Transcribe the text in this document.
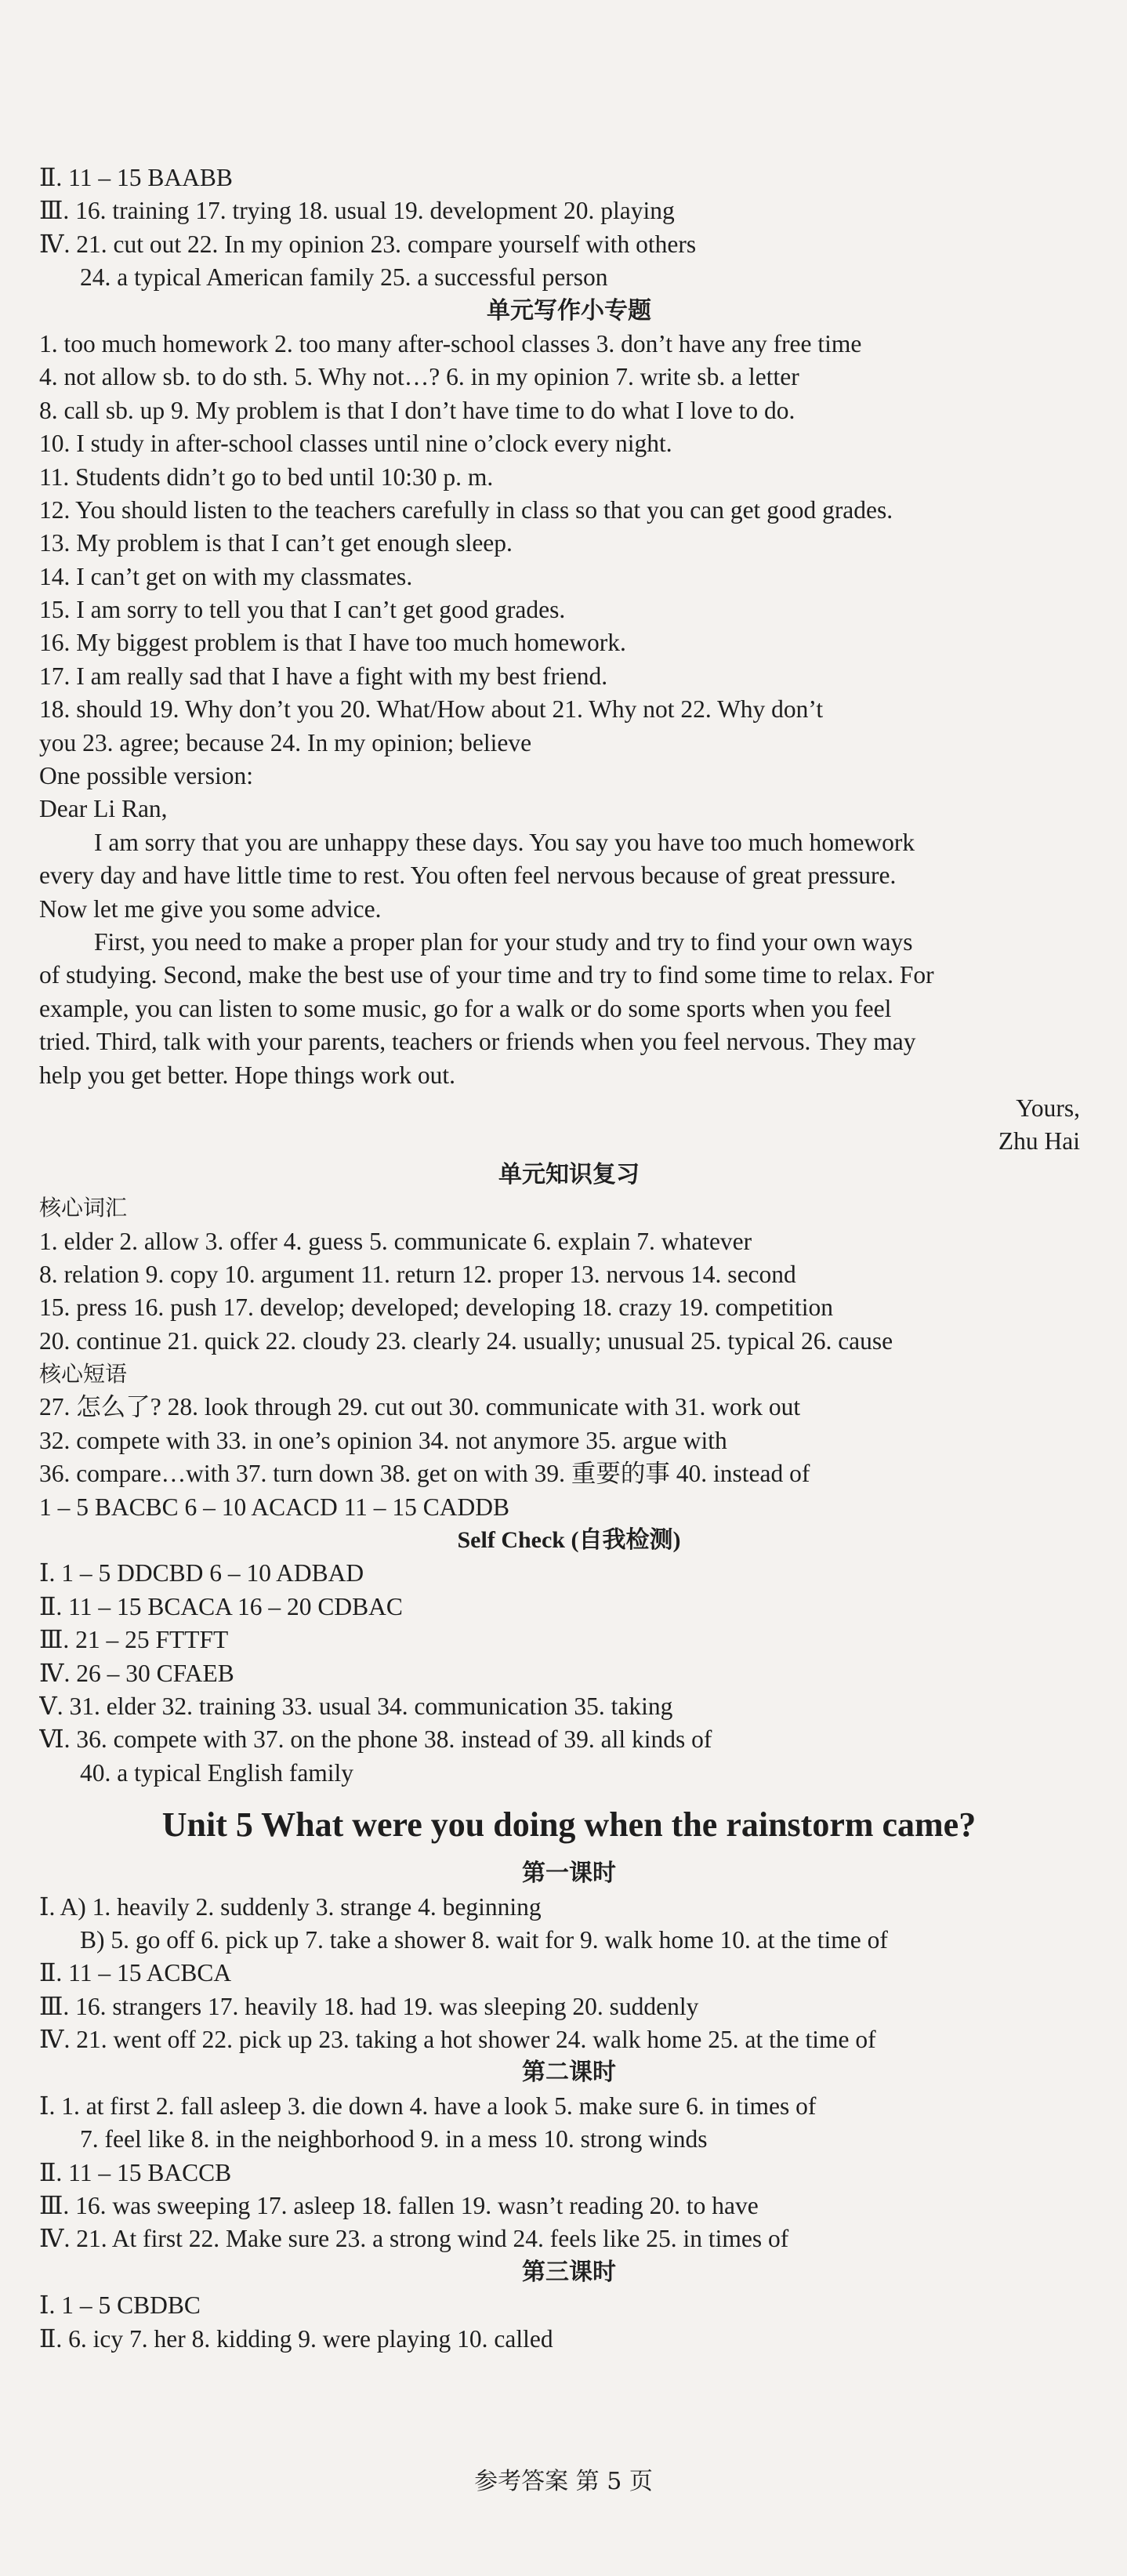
Ⅱ. 11 – 15 BAABB
Ⅲ. 16. training 17. trying 18. usual 19. development 20. playing
Ⅳ. 21. cut out 22. In my opinion 23. compare yourself with others
24. a typical American family 25. a successful person
单元写作小专题
1. too much homework 2. too many after-school classes 3. don’t have any free time
4. not allow sb. to do sth. 5. Why not…? 6. in my opinion 7. write sb. a letter
8. call sb. up 9. My problem is that I don’t have time to do what I love to do.
10. I study in after-school classes until nine o’clock every night.
11. Students didn’t go to bed until 10:30 p. m.
12. You should listen to the teachers carefully in class so that you can get good grades.
13. My problem is that I can’t get enough sleep.
14. I can’t get on with my classmates.
15. I am sorry to tell you that I can’t get good grades.
16. My biggest problem is that I have too much homework.
17. I am really sad that I have a fight with my best friend.
18. should 19. Why don’t you 20. What/How about 21. Why not 22. Why don’t
you 23. agree; because 24. In my opinion; believe
One possible version:
Dear Li Ran,
I am sorry that you are unhappy these days. You say you have too much homework
every day and have little time to rest. You often feel nervous because of great pressure.
Now let me give you some advice.
First, you need to make a proper plan for your study and try to find your own ways
of studying. Second, make the best use of your time and try to find some time to relax. For
example, you can listen to some music, go for a walk or do some sports when you feel
tried. Third, talk with your parents, teachers or friends when you feel nervous. They may
help you get better. Hope things work out.
Yours,
Zhu Hai
单元知识复习
核心词汇
1. elder 2. allow 3. offer 4. guess 5. communicate 6. explain 7. whatever
8. relation 9. copy 10. argument 11. return 12. proper 13. nervous 14. second
15. press 16. push 17. develop; developed; developing 18. crazy 19. competition
20. continue 21. quick 22. cloudy 23. clearly 24. usually; unusual 25. typical 26. cause
核心短语
27. 怎么了? 28. look through 29. cut out 30. communicate with 31. work out
32. compete with 33. in one’s opinion 34. not anymore 35. argue with
36. compare…with 37. turn down 38. get on with 39. 重要的事 40. instead of
1 – 5 BACBC 6 – 10 ACACD 11 – 15 CADDB
Self Check (自我检测)
Ⅰ. 1 – 5 DDCBD 6 – 10 ADBAD
Ⅱ. 11 – 15 BCACA 16 – 20 CDBAC
Ⅲ. 21 – 25 FTTFT
Ⅳ. 26 – 30 CFAEB
Ⅴ. 31. elder 32. training 33. usual 34. communication 35. taking
Ⅵ. 36. compete with 37. on the phone 38. instead of 39. all kinds of
40. a typical English family
Unit 5 What were you doing when the rainstorm came?
第一课时
Ⅰ. A) 1. heavily 2. suddenly 3. strange 4. beginning
B) 5. go off 6. pick up 7. take a shower 8. wait for 9. walk home 10. at the time of
Ⅱ. 11 – 15 ACBCA
Ⅲ. 16. strangers 17. heavily 18. had 19. was sleeping 20. suddenly
Ⅳ. 21. went off 22. pick up 23. taking a hot shower 24. walk home 25. at the time of
第二课时
Ⅰ. 1. at first 2. fall asleep 3. die down 4. have a look 5. make sure 6. in times of
7. feel like 8. in the neighborhood 9. in a mess 10. strong winds
Ⅱ. 11 – 15 BACCB
Ⅲ. 16. was sweeping 17. asleep 18. fallen 19. wasn’t reading 20. to have
Ⅳ. 21. At first 22. Make sure 23. a strong wind 24. feels like 25. in times of
第三课时
Ⅰ. 1 – 5 CBDBC
Ⅱ. 6. icy 7. her 8. kidding 9. were playing 10. called
参考答案 第 5 页
